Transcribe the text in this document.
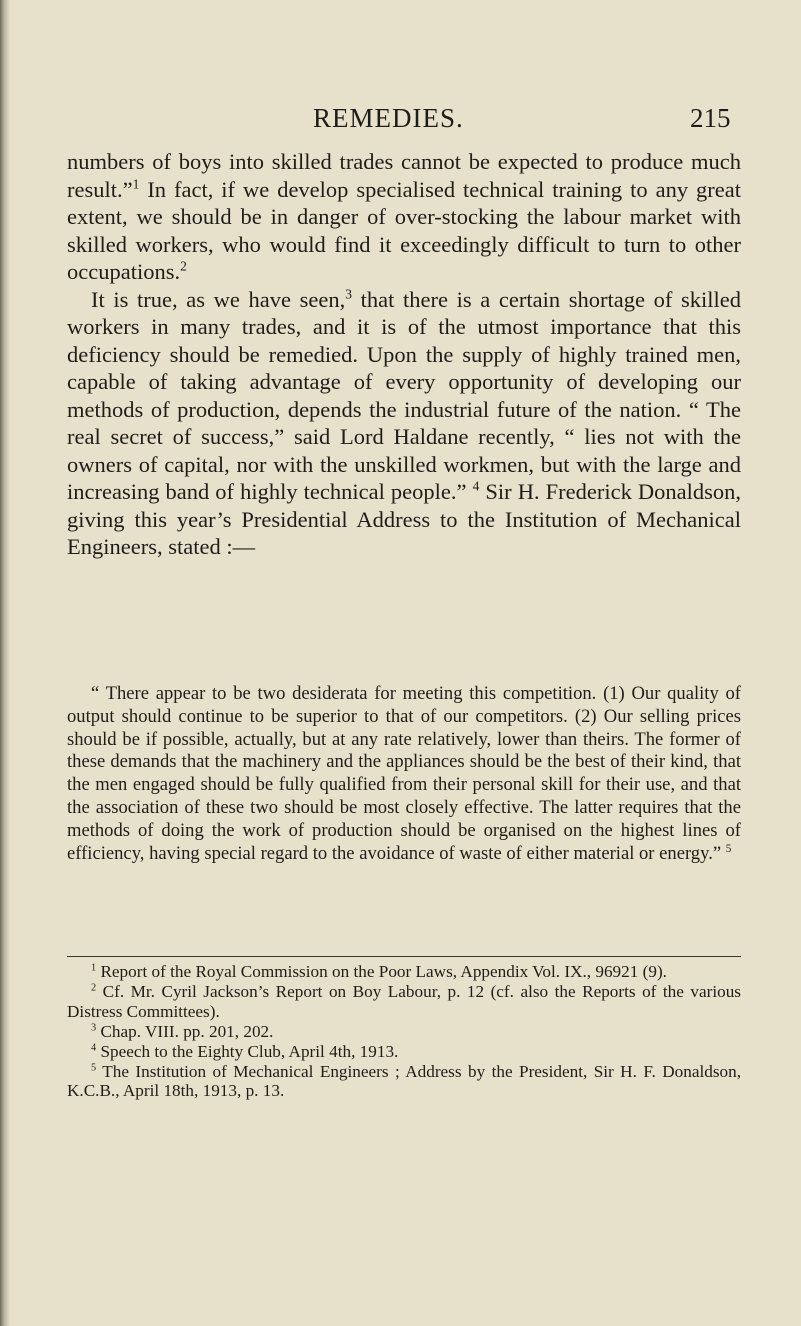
REMEDIES.	215

numbers of boys into skilled trades cannot be expected to produce much result.”$^1$ In fact, if we develop specialised technical training to any great extent, we should be in danger of over-stocking the labour market with skilled workers, who would find it exceedingly difficult to turn to other occupations.$^2$

It is true, as we have seen,$^3$ that there is a certain shortage of skilled workers in many trades, and it is of the utmost importance that this deficiency should be remedied. Upon the supply of highly trained men, capable of taking advantage of every opportunity of developing our methods of production, depends the industrial future of the nation. “ The real secret of success,” said Lord Haldane recently, “ lies not with the owners of capital, nor with the unskilled workmen, but with the large and increasing band of highly technical people.” $^4$ Sir H. Frederick Donaldson, giving this year’s Presidential Address to the Institution of Mechanical Engineers, stated :—

“ There appear to be two desiderata for meeting this competition. (1) Our quality of output should continue to be superior to that of our competitors. (2) Our selling prices should be if possible, actually, but at any rate relatively, lower than theirs. The former of these demands that the machinery and the appliances should be the best of their kind, that the men engaged should be fully qualified from their personal skill for their use, and that the association of these two should be most closely effective. The latter requires that the methods of doing the work of production should be organised on the highest lines of efficiency, having special regard to the avoidance of waste of either material or energy.” $^5$

$^1$ Report of the Royal Commission on the Poor Laws, Appendix Vol. IX., 96921 (9).

$^2$ Cf. Mr. Cyril Jackson’s Report on Boy Labour, p. 12 (cf. also the Reports of the various Distress Committees).

$^3$ Chap. VIII. pp. 201, 202.

$^4$ Speech to the Eighty Club, April 4th, 1913.

$^5$ The Institution of Mechanical Engineers ; Address by the President, Sir H. F. Donaldson, K.C.B., April 18th, 1913, p. 13.
